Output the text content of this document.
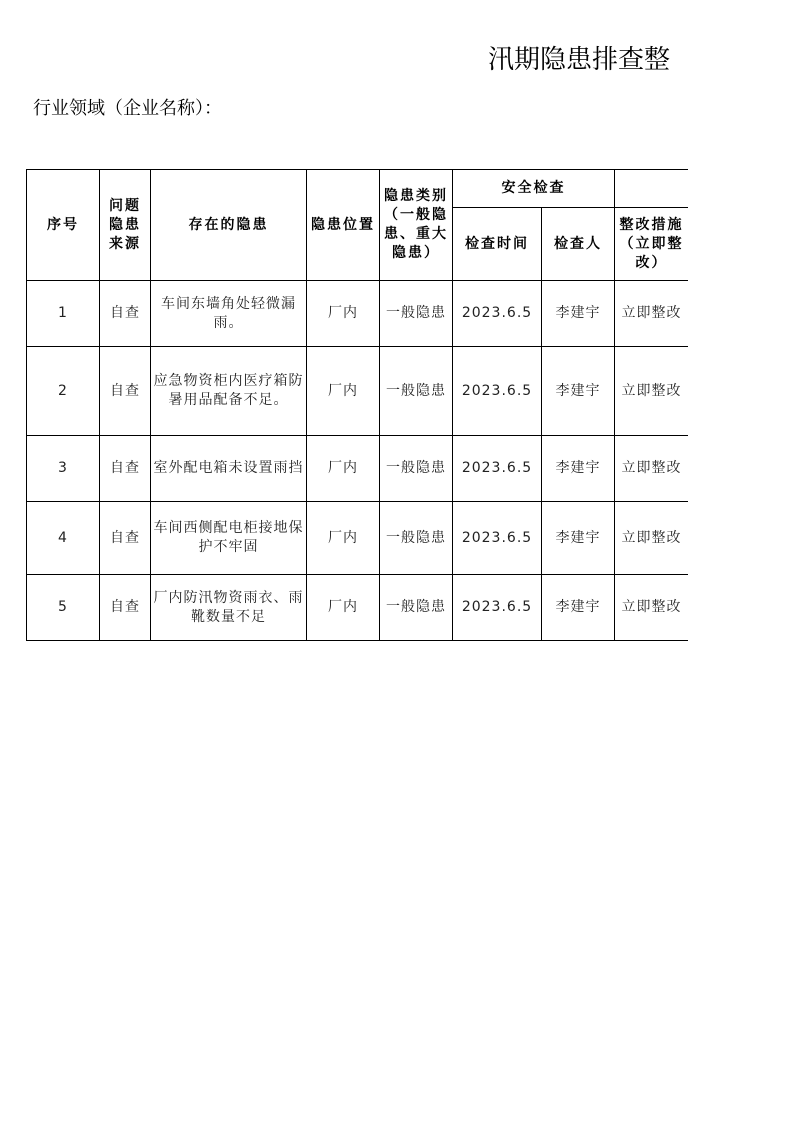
汛期隐患排查整
行业领域（企业名称）：
序号	问题隐患来源	存在的隐患	隐患位置	隐患类别（一般隐患、重大隐患）	安全检查			
					检查时间	检查人	整改措施 （立即整改）	
1	自查	车间东墙角处轻微漏雨。	厂内	一般隐患	2023.6.5	李建宇	立即整改	
2	自查	应急物资柜内医疗箱防暑用品配备不足。	厂内	一般隐患	2023.6.5	李建宇	立即整改	
3	自查	室外配电箱未设置雨挡	厂内	一般隐患	2023.6.5	李建宇	立即整改	
4	自查	车间西侧配电柜接地保护不牢固	厂内	一般隐患	2023.6.5	李建宇	立即整改	
5	自查	厂内防汛物资雨衣、雨靴数量不足	厂内	一般隐患	2023.6.5	李建宇	立即整改	
